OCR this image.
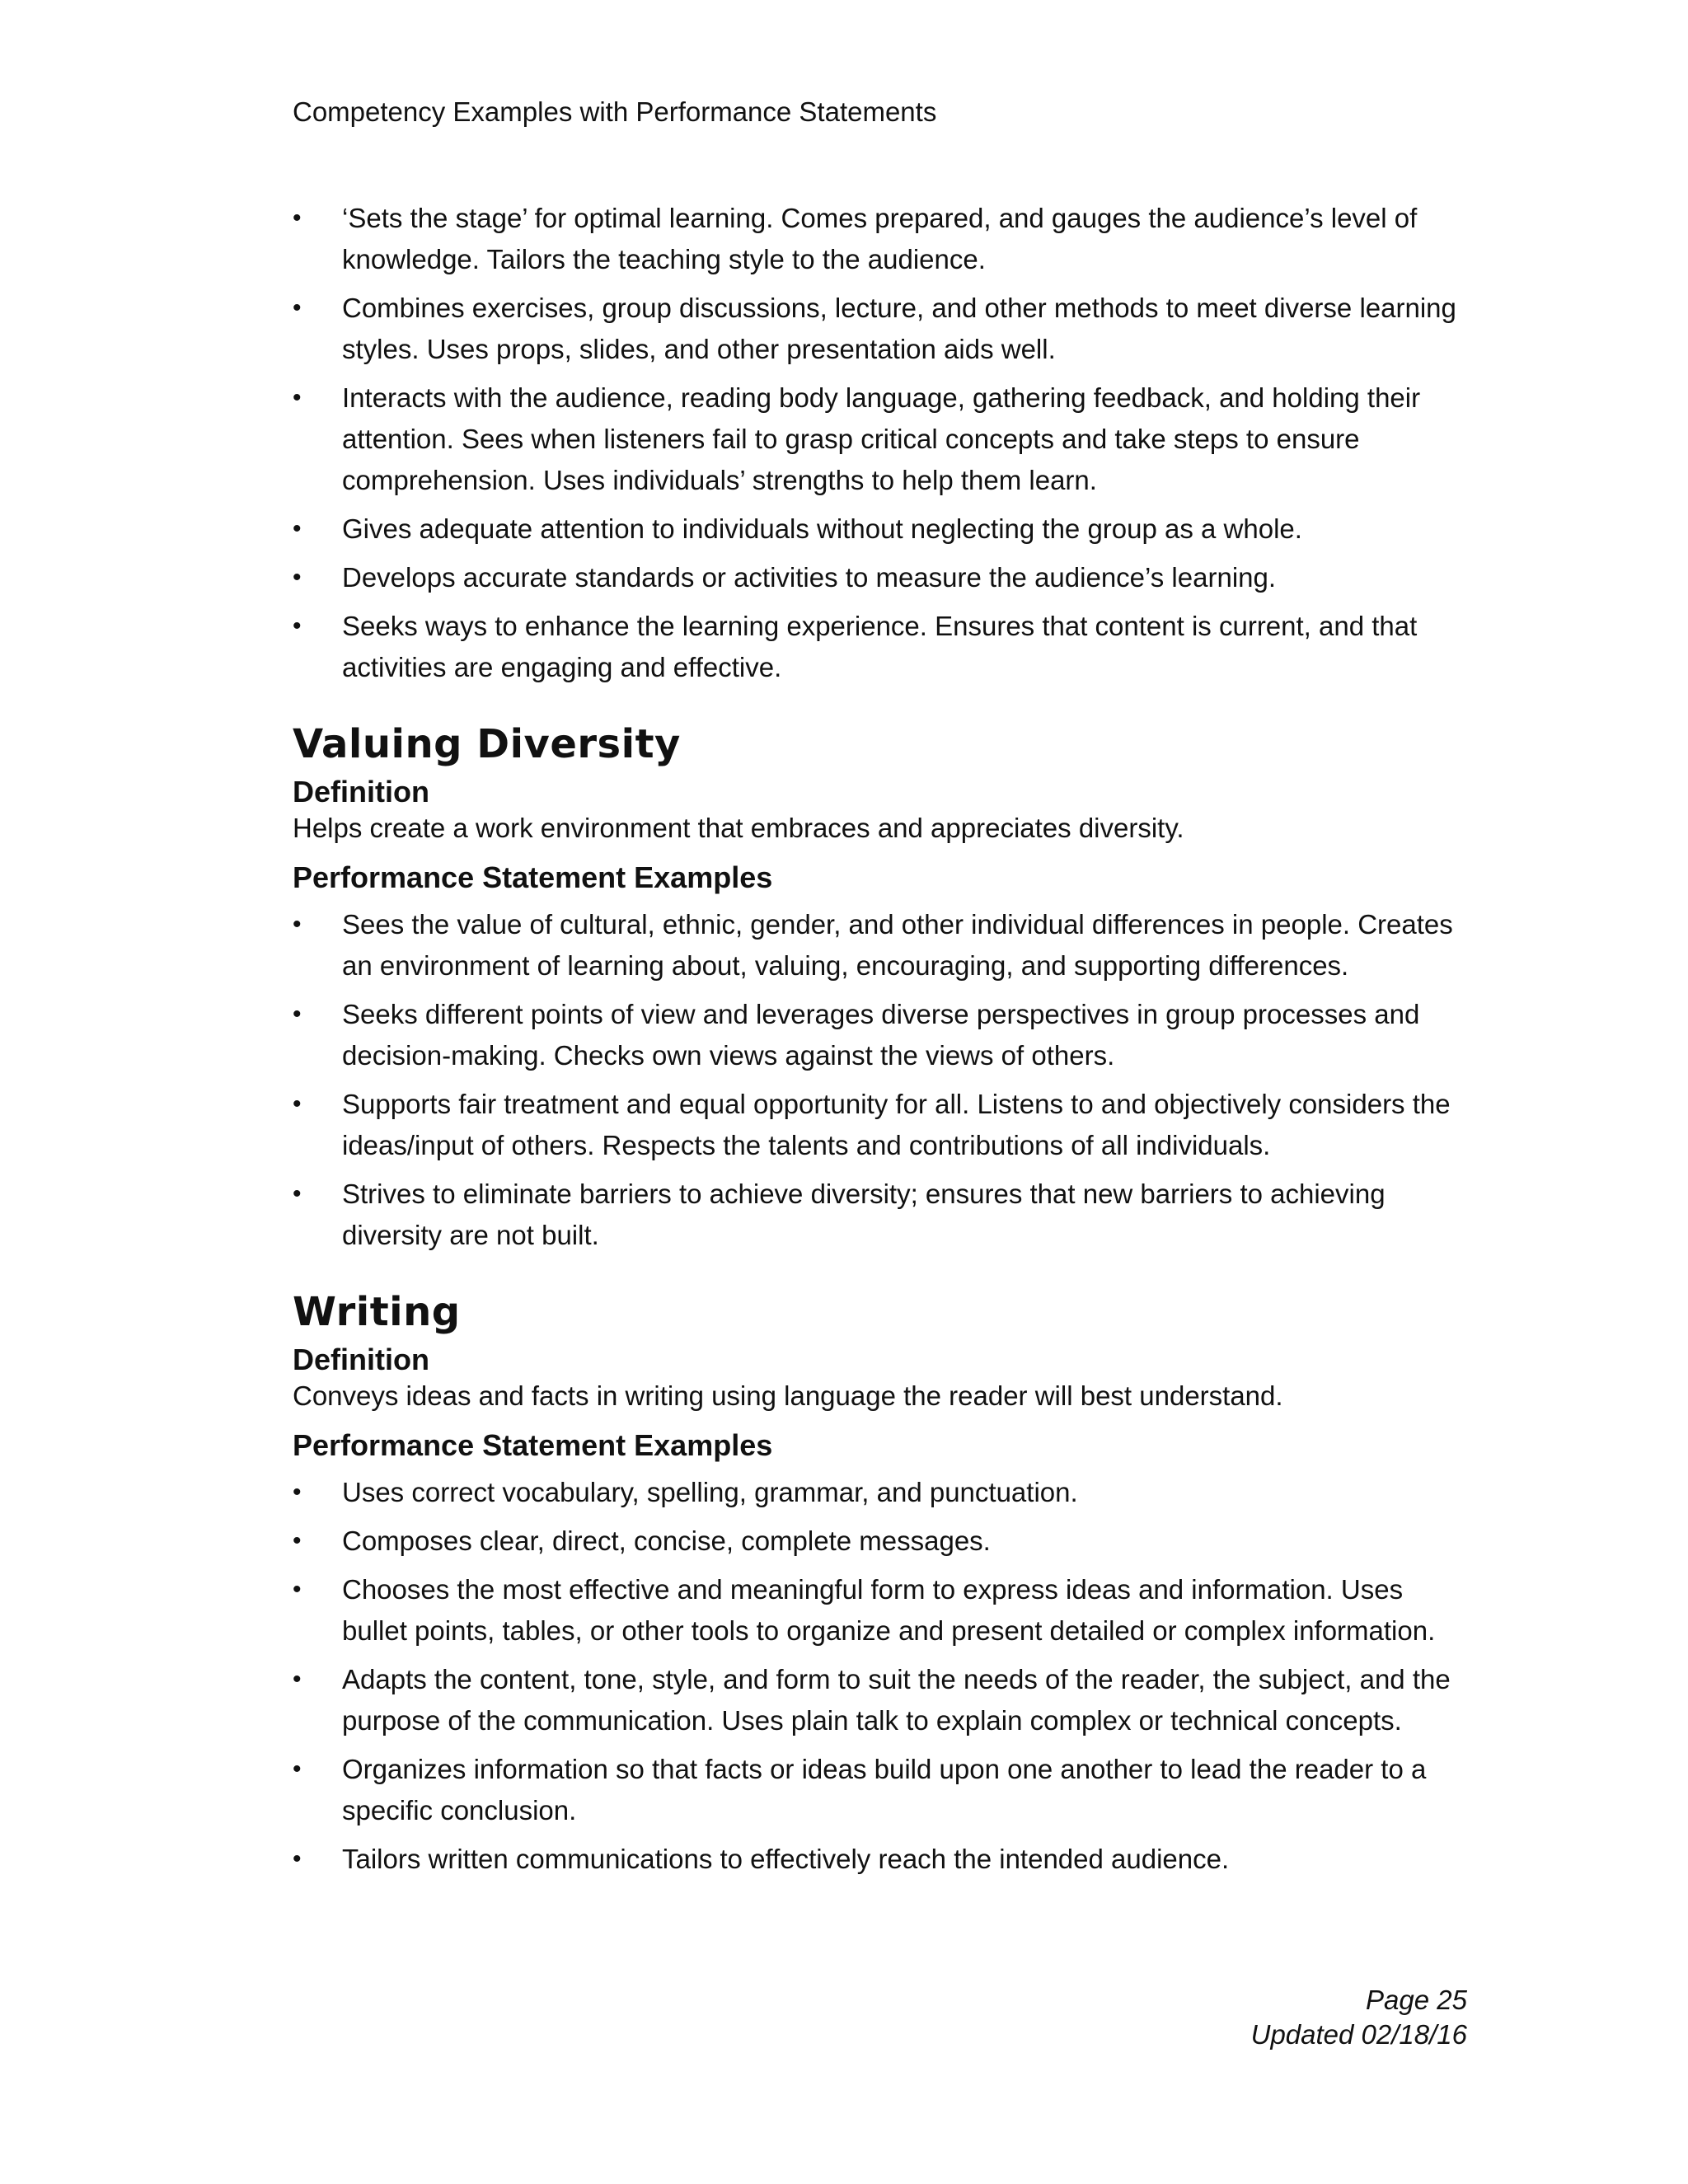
Competency Examples with Performance Statements
• ‘Sets the stage’ for optimal learning. Comes prepared, and gauges the audience’s level of knowledge. Tailors the teaching style to the audience.
• Combines exercises, group discussions, lecture, and other methods to meet diverse learning styles. Uses props, slides, and other presentation aids well.
• Interacts with the audience, reading body language, gathering feedback, and holding their attention. Sees when listeners fail to grasp critical concepts and take steps to ensure comprehension. Uses individuals’ strengths to help them learn.
• Gives adequate attention to individuals without neglecting the group as a whole.
• Develops accurate standards or activities to measure the audience’s learning.
• Seeks ways to enhance the learning experience. Ensures that content is current, and that activities are engaging and effective.
Valuing Diversity
Definition

Helps create a work environment that embraces and appreciates diversity.

Performance Statement Examples
• Sees the value of cultural, ethnic, gender, and other individual differences in people. Creates an environment of learning about, valuing, encouraging, and supporting differences.
• Seeks different points of view and leverages diverse perspectives in group processes and decision-making. Checks own views against the views of others.
• Supports fair treatment and equal opportunity for all. Listens to and objectively considers the ideas/input of others. Respects the talents and contributions of all individuals.
• Strives to eliminate barriers to achieve diversity; ensures that new barriers to achieving diversity are not built.
Writing
Definition

Conveys ideas and facts in writing using language the reader will best understand.

Performance Statement Examples
• Uses correct vocabulary, spelling, grammar, and punctuation.
• Composes clear, direct, concise, complete messages.
• Chooses the most effective and meaningful form to express ideas and information. Uses bullet points, tables, or other tools to organize and present detailed or complex information.
• Adapts the content, tone, style, and form to suit the needs of the reader, the subject, and the purpose of the communication. Uses plain talk to explain complex or technical concepts.
• Organizes information so that facts or ideas build upon one another to lead the reader to a specific conclusion.
• Tailors written communications to effectively reach the intended audience.
Page 25
Updated 02/18/16
